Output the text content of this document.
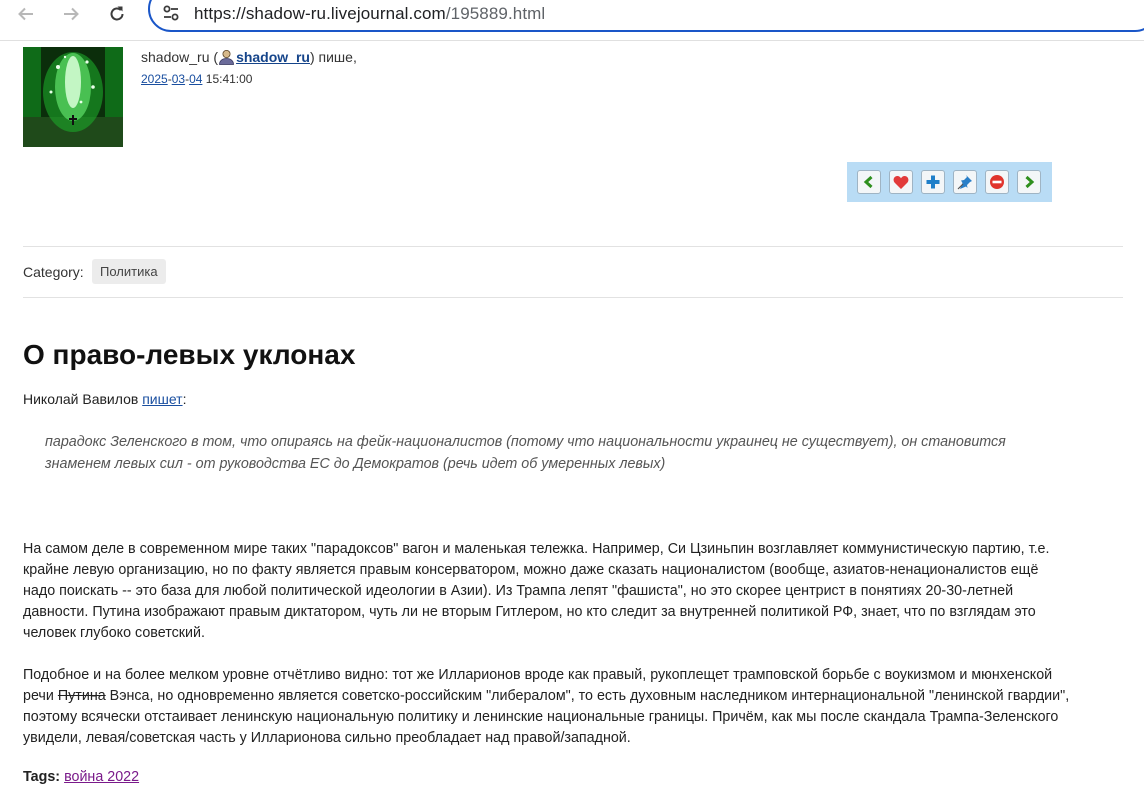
https://shadow-ru.livejournal.com/195889.html
shadow_ru ( shadow_ru) пише,
2025-03-04 15:41:00
Category:	Политика
О право-левых уклонах
Николай Вавилов пишет:
парадокс Зеленского в том, что опираясь на фейк-националистов (потому что национальности украинец не существует), он становится
знаменем левых сил - от руководства ЕС до Демократов (речь идет об умеренных левых)
На самом деле в современном мире таких "парадоксов" вагон и маленькая тележка. Например, Си Цзиньпин возглавляет коммунистическую партию, т.е.
крайне левую организацию, но по факту является правым консерватором, можно даже сказать националистом (вообще, азиатов-ненационалистов ещё
надо поискать -- это база для любой политической идеологии в Азии). Из Трампа лепят "фашиста", но это скорее центрист в понятиях 20-30-летней
давности. Путина изображают правым диктатором, чуть ли не вторым Гитлером, но кто следит за внутренней политикой РФ, знает, что по взглядам это
человек глубоко советский.
Подобное и на более мелком уровне отчётливо видно: тот же Илларионов вроде как правый, рукоплещет трамповской борьбе с воукизмом и мюнхенской
речи Путина Вэнса, но одновременно является советско-российским "либералом", то есть духовным наследником интернациональной "ленинской гвардии",
поэтому всячески отстаивает ленинскую национальную политику и ленинские национальные границы. Причём, как мы после скандала Трампа-Зеленского
увидели, левая/советская часть у Илларионова сильно преобладает над правой/западной.
Tags: война 2022
